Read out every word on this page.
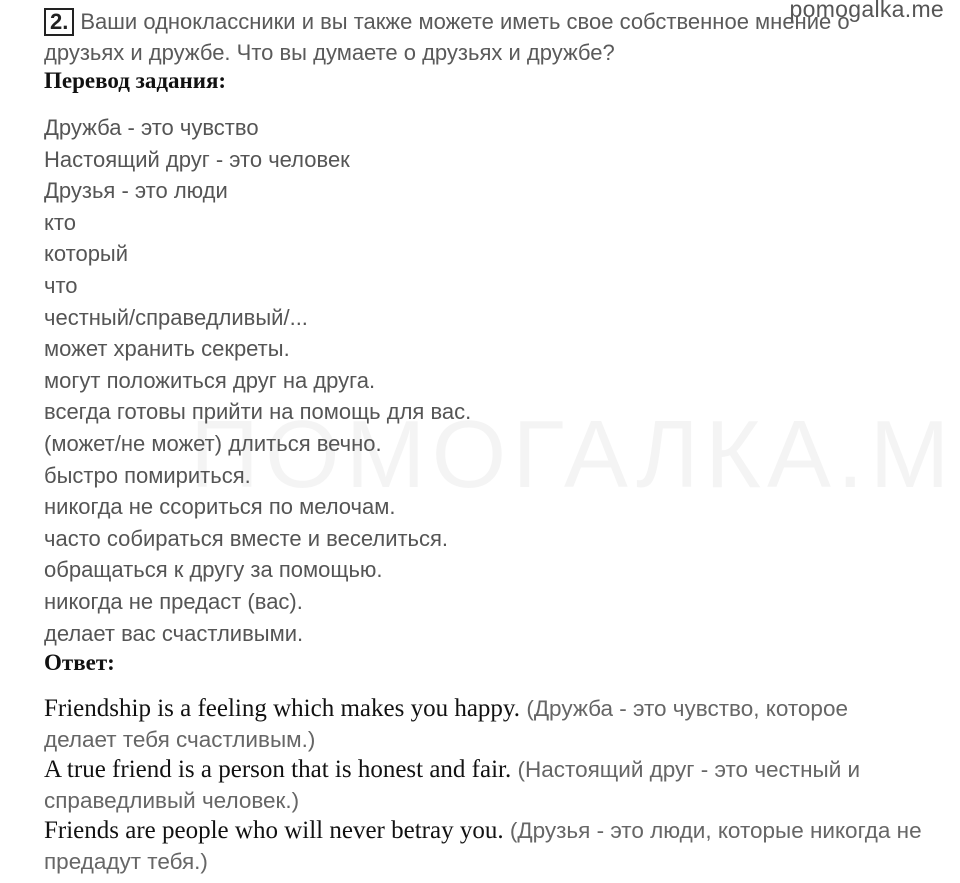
pomogalka.me
2. Ваши одноклассники и вы также можете иметь свое собственное мнение о друзьях и дружбе. Что вы думаете о друзьях и дружбе?
Перевод задания:
Дружба - это чувство
Настоящий друг - это человек
Друзья - это люди
кто
который
что
честный/справедливый/...
может хранить секреты.
могут положиться друг на друга.
всегда готовы прийти на помощь для вас.
(может/не может) длиться вечно.
быстро помириться.
никогда не ссориться по мелочам.
часто собираться вместе и веселиться.
обращаться к другу за помощью.
никогда не предаст (вас).
делает вас счастливыми.
Ответ:
Friendship is a feeling which makes you happy. (Дружба - это чувство, которое делает тебя счастливым.)
A true friend is a person that is honest and fair. (Настоящий друг - это честный и справедливый человек.)
Friends are people who will never betray you. (Друзья - это люди, которые никогда не предадут тебя.)
